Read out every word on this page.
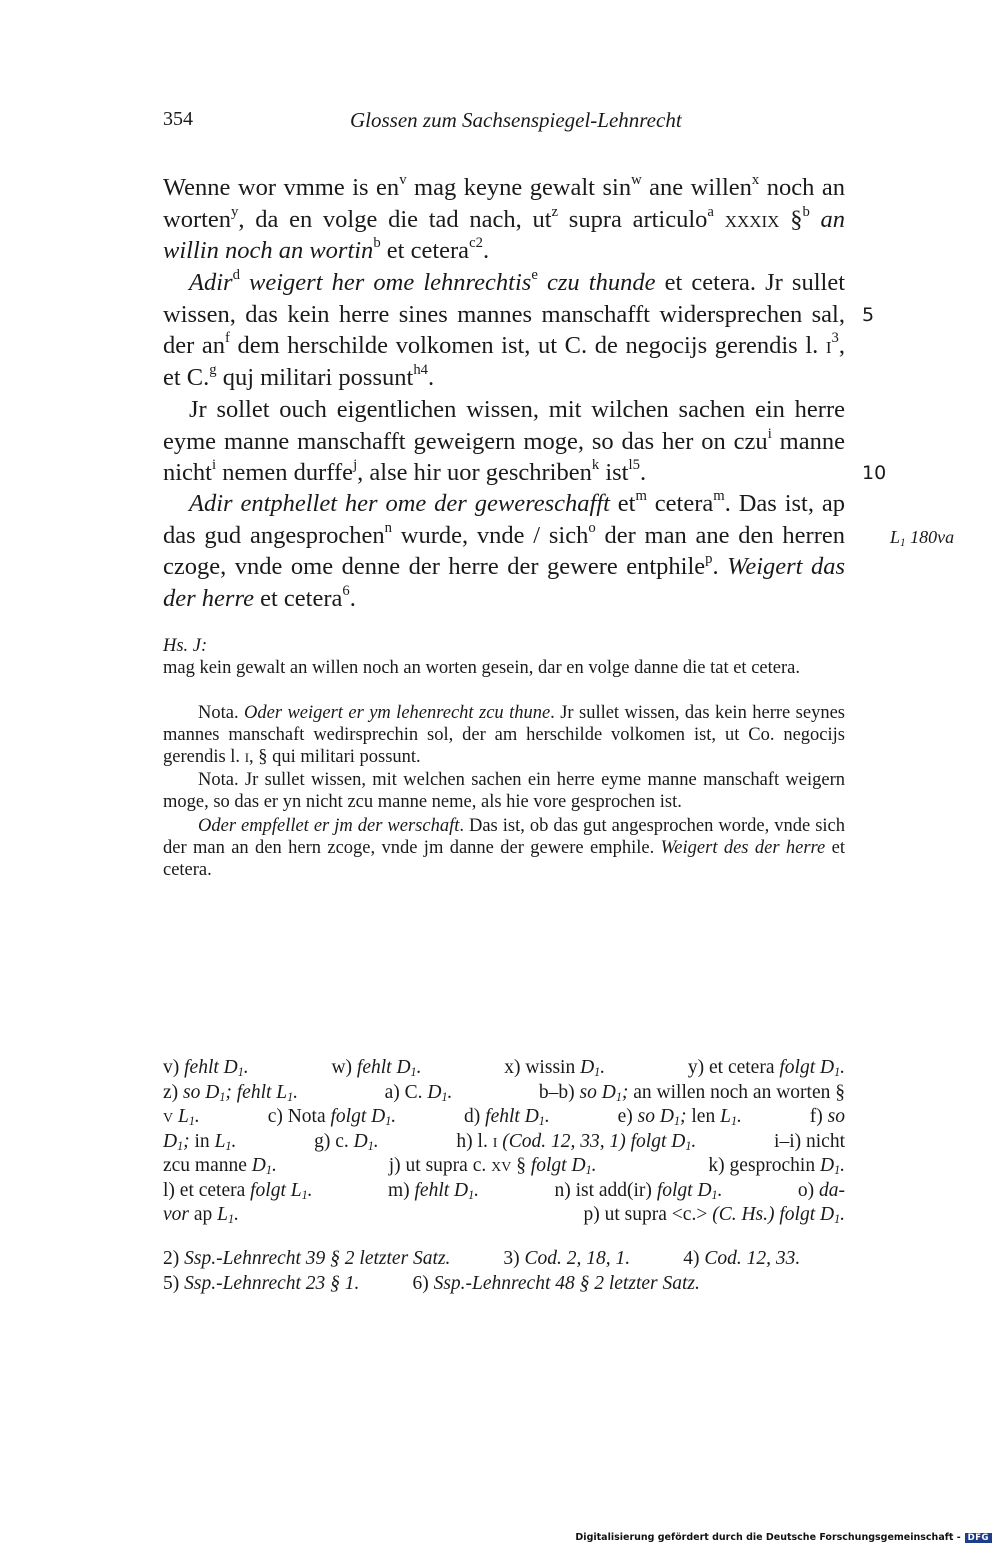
354	Glossen zum Sachsenspiegel-Lehnrecht
Wenne wor vmme is $en^v$ mag keyne gewalt $\sin^w$ ane willen$^x$ noch an worten$^y$, da en volge die tad nach, $ut^z$ supra articulo$^a$ xxxix §$^b$ an willin noch an wortin$^b$ et cetera$^{c2}$.
Adir$^d$ weigert her ome lehnrechtis$^e$ czu thunde et cetera. Jr sullet wissen, das kein herre sines mannes manschafft widersprechen sal, der $an^f$ dem herschilde volkomen ist, ut C. de negocijs gerendis l. $i^3$, et C.$^g$ quj militari possunt$^{h4}$.
Jr sollet ouch eigentlichen wissen, mit wilchen sachen ein herre eyme manne manschafft geweigern moge, so das her on czu$^i$ manne nicht$^i$ nemen durffe$^j$, alse hir uor geschriben$^k$ ist$^{l5}$.
Adir entphellet her ome der gewereschafft $et^m$ cetera$^m$. Das ist, ap das gud angesprochen$^n$ wurde, vnde / sich$^o$ der man ane den herren czoge, vnde ome denne der herre der gewere entphile$^p$. Weigert das der herre et cetera$^6$.
5
10
$L_1$ 180va
Hs. J:
mag kein gewalt an willen noch an worten gesein, dar en volge danne die tat et cetera.
Nota. Oder weigert er ym lehenrecht zcu thune. Jr sullet wissen, das kein herre seynes mannes manschaft wedirsprechin sol, der am herschilde volkomen ist, ut Co. negocijs gerendis l. i, § qui militari possunt.
Nota. Jr sullet wissen, mit welchen sachen ein herre eyme manne manschaft weigern moge, so das er yn nicht zcu manne neme, als hie vore gesprochen ist.
Oder empfellet er jm der werschaft. Das ist, ob das gut angesprochen worde, vnde sich der man an den hern zcoge, vnde jm danne der gewere emphile. Weigert des der herre et cetera.
v) fehlt $D_1$.	w) fehlt $D_1$.	x) wissin $D_1$.	y) et cetera folgt $D_1$.
z) so $D_1$; fehlt $L_1$.	a) C. $D_1$.	b–b) so $D_1$; an willen noch an worten §
v $L_1$.	c) Nota folgt $D_1$.	d) fehlt $D_1$.	e) so $D_1$; len $L_1$.	f) so
$D_1$; in $L_1$.	g) c. $D_1$.	h) l. i (Cod. 12, 33, 1) folgt $D_1$.	i–i) nicht
zcu manne $D_1$.	j) ut supra c. xv § folgt $D_1$.	k) gesprochin $D_1$.
l) et cetera folgt $L_1$.	m) fehlt $D_1$.	n) ist add(ir) folgt $D_1$.	o) da-
vor ap $L_1$.	p) ut supra <c.> (C. Hs.) folgt $D_1$.
2) Ssp.-Lehnrecht 39 § 2 letzter Satz.	3) Cod. 2, 18, 1.	4) Cod. 12, 33.
5) Ssp.-Lehnrecht 23 § 1.	6) Ssp.-Lehnrecht 48 § 2 letzter Satz.
Digitalisierung gefördert durch die Deutsche Forschungsgemeinschaft - DFG
